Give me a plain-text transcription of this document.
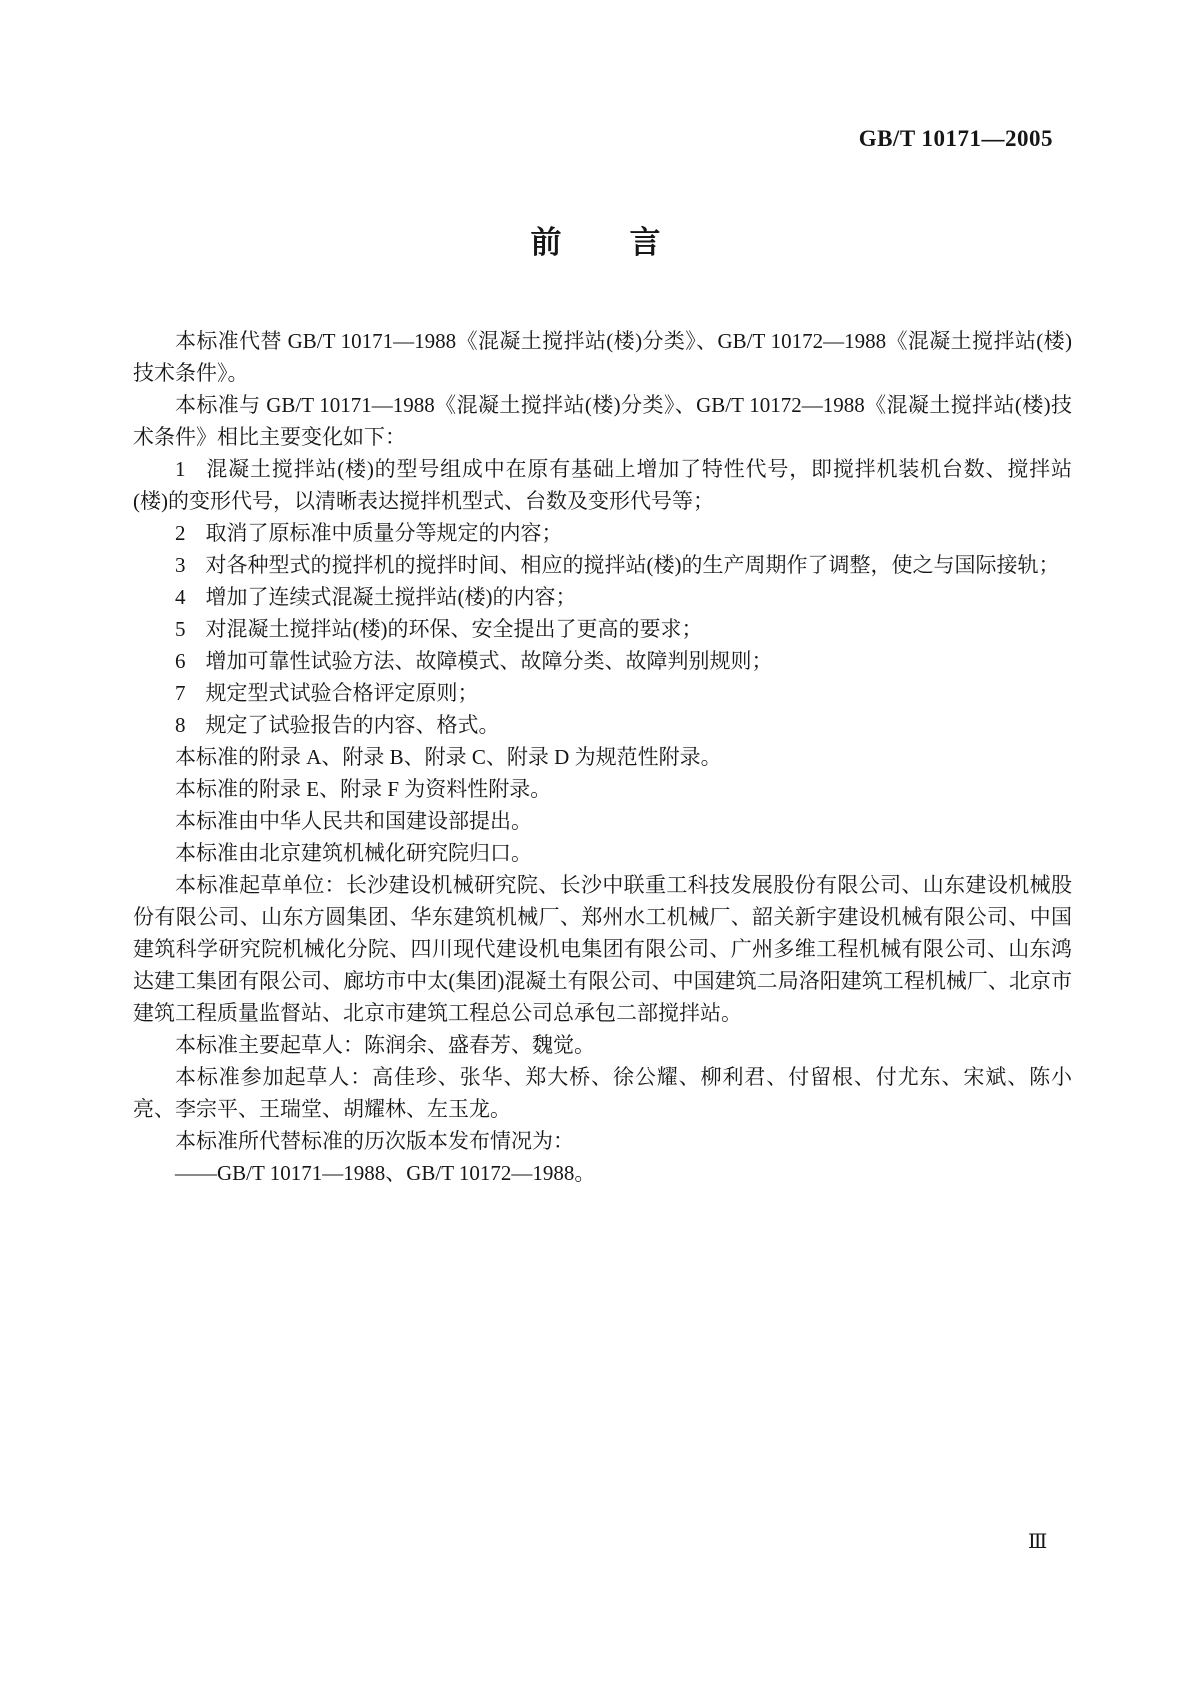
GB/T 10171—2005
前 言

本标准代替 GB/T 10171—1988《混凝土搅拌站(楼)分类》、GB/T 10172—1988《混凝土搅拌站(楼)技术条件》。

本标准与 GB/T 10171—1988《混凝土搅拌站(楼)分类》、GB/T 10172—1988《混凝土搅拌站(楼)技术条件》相比主要变化如下：

1 混凝土搅拌站(楼)的型号组成中在原有基础上增加了特性代号，即搅拌机装机台数、搅拌站(楼)的变形代号，以清晰表达搅拌机型式、台数及变形代号等；

2 取消了原标准中质量分等规定的内容；

3 对各种型式的搅拌机的搅拌时间、相应的搅拌站(楼)的生产周期作了调整，使之与国际接轨；

4 增加了连续式混凝土搅拌站(楼)的内容；

5 对混凝土搅拌站(楼)的环保、安全提出了更高的要求；

6 增加可靠性试验方法、故障模式、故障分类、故障判别规则；

7 规定型式试验合格评定原则；

8 规定了试验报告的内容、格式。

本标准的附录 A、附录 B、附录 C、附录 D 为规范性附录。

本标准的附录 E、附录 F 为资料性附录。

本标准由中华人民共和国建设部提出。

本标准由北京建筑机械化研究院归口。

本标准起草单位：长沙建设机械研究院、长沙中联重工科技发展股份有限公司、山东建设机械股份有限公司、山东方圆集团、华东建筑机械厂、郑州水工机械厂、韶关新宇建设机械有限公司、中国建筑科学研究院机械化分院、四川现代建设机电集团有限公司、广州多维工程机械有限公司、山东鸿达建工集团有限公司、廊坊市中太(集团)混凝土有限公司、中国建筑二局洛阳建筑工程机械厂、北京市建筑工程质量监督站、北京市建筑工程总公司总承包二部搅拌站。

本标准主要起草人：陈润余、盛春芳、魏觉。

本标准参加起草人：高佳珍、张华、郑大桥、徐公耀、柳利君、付留根、付尤东、宋斌、陈小亮、李宗平、王瑞堂、胡耀林、左玉龙。

本标准所代替标准的历次版本发布情况为：

——GB/T 10171—1988、GB/T 10172—1988。

Ⅲ
